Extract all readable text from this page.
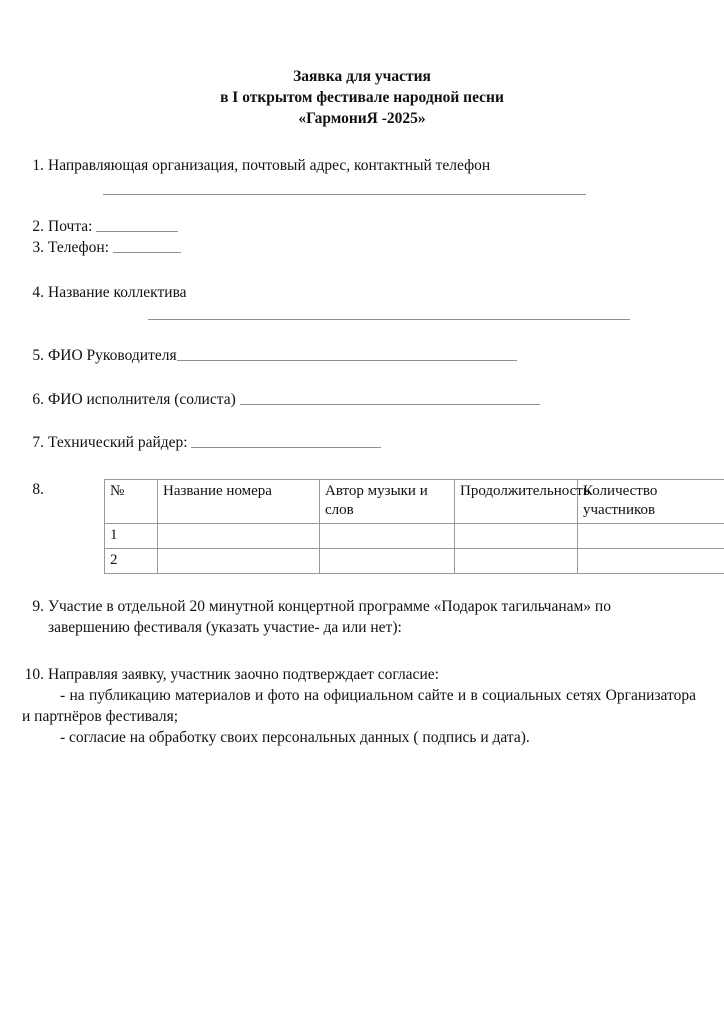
Заявка для участия
в I открытом фестивале народной песни
«ГармониЯ -2025»
1. Направляющая организация, почтовый адрес, контактный телефон
2. Почта:
3. Телефон:
4. Название коллектива
5. ФИО Руководителя
6. ФИО исполнителя (солиста)
7. Технический райдер:
8.	№	Название номера	Автор музыки и слов	Продолжительность	Количество участников
1				
2				
9. Участие в отдельной 20 минутной концертной программе «Подарок тагильчанам» по завершению фестиваля (указать участие- да или нет):
10. Направляя заявку, участник заочно подтверждает согласие:
- на публикацию материалов и фото на официальном сайте и в социальных сетях Организатора и партнёров фестиваля;
- согласие на обработку своих персональных данных ( подпись и дата).
